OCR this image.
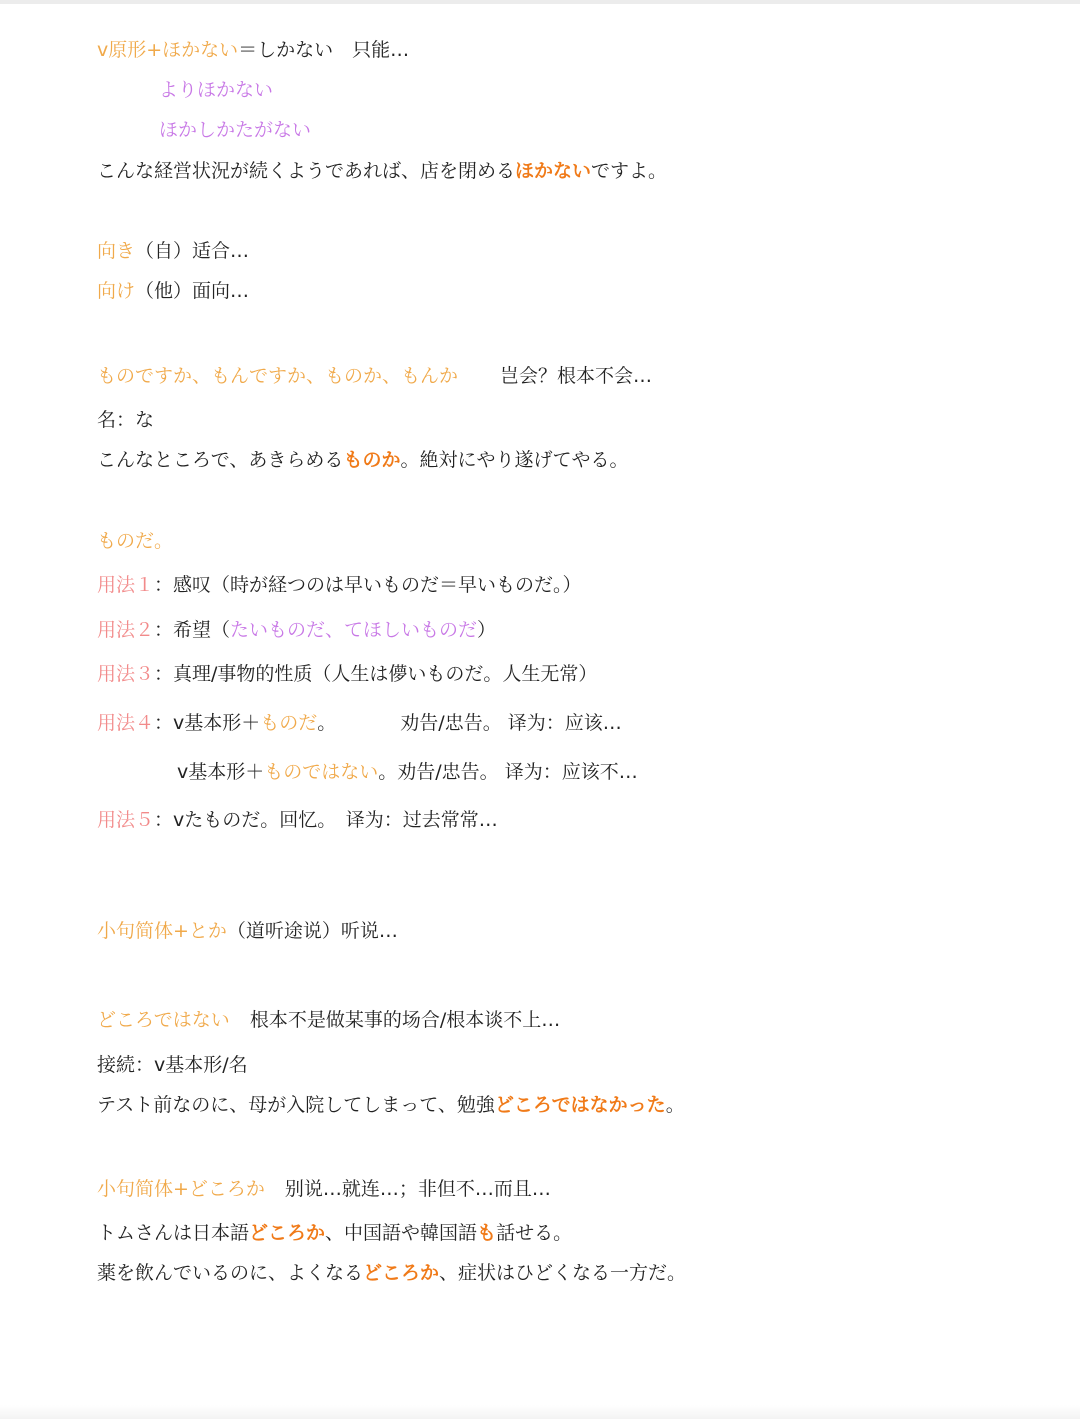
v原形+ほかない＝しかない　只能…
よりほかない
ほかしかたがない
こんな経営状況が続くようであれば、店を閉めるほかないですよ。
向き（自）适合…
向け（他）面向…
ものですか、もんですか、ものか、もんか 岂会？根本不会…
名：な
こんなところで、あきらめるものか。絶対にやり遂げてやる。
ものだ。
用法１：感叹（時が経つのは早いものだ＝早いものだ。）
用法２：希望（たいものだ、てほしいものだ）
用法３：真理/事物的性质（人生は儚いものだ。人生无常）
用法４：v基本形＋ものだ。	劝告/忠告。 译为：应该…
v基本形＋ものではない。劝告/忠告。 译为：应该不…
用法５：vたものだ。回忆。　译为：过去常常…
小句简体+とか（道听途说）听说…
どころではない 根本不是做某事的场合/根本谈不上…
接続：v基本形/名
テスト前なのに、母が入院してしまって、勉強どころではなかった。
小句简体+どころか 别说…就连…；非但不…而且…
トムさんは日本語どころか、中国語や韓国語も話せる。
薬を飲んでいるのに、よくなるどころか、症状はひどくなる一方だ。
